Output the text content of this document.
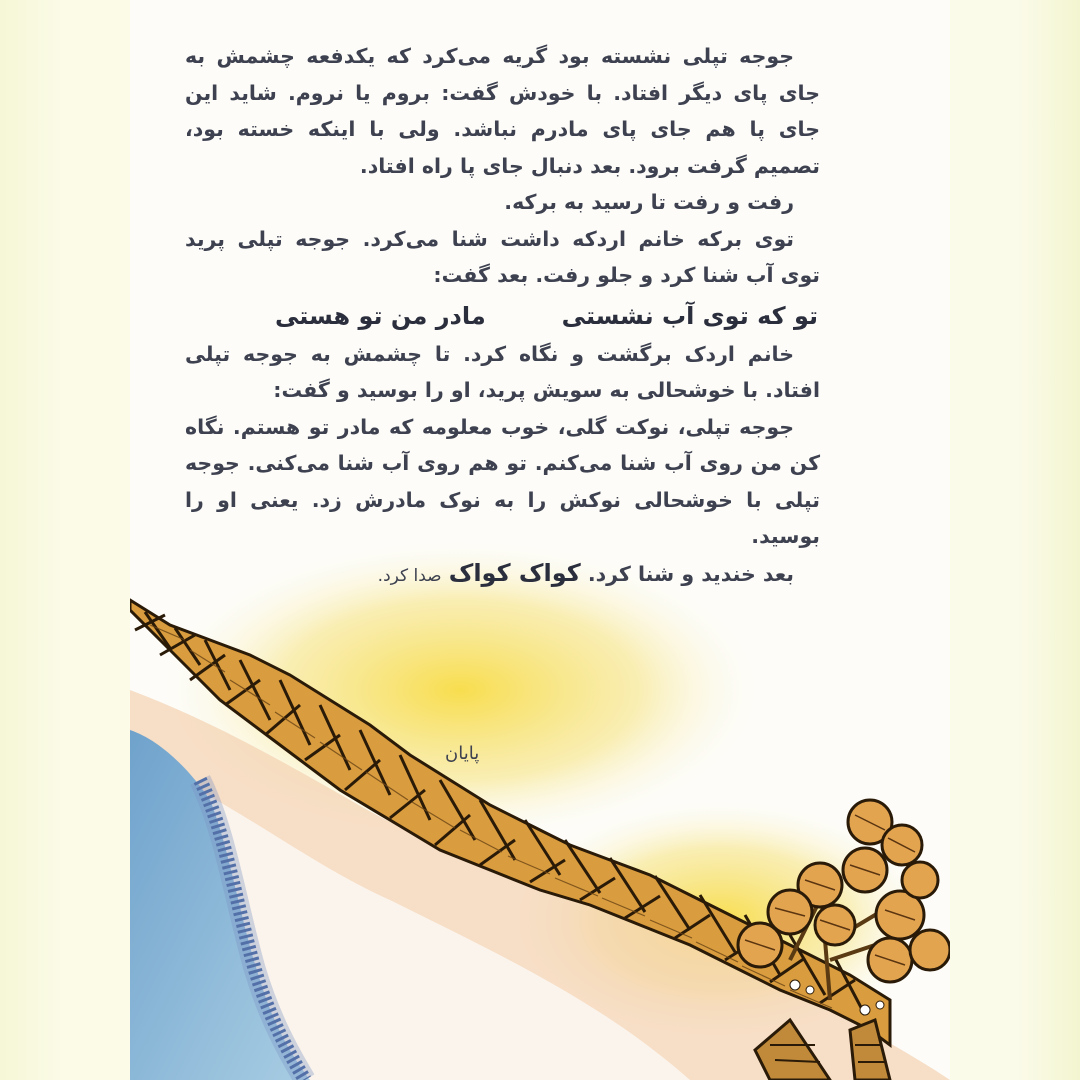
جوجه تپلی نشسته بود گریه می‌کرد که یکدفعه چشمش به
جای پای دیگر افتاد. با خودش گفت: بروم یا نروم. شاید این
جای پا هم جای پای مادرم نباشد. ولی با اینکه خسته بود،
تصمیم گرفت برود. بعد دنبال جای پا راه افتاد.
رفت و رفت تا رسید به برکه.
توی برکه خانم اردکه داشت شنا می‌کرد. جوجه تپلی پرید
توی آب شنا کرد و جلو رفت. بعد گفت:
تو که توی آب نشستی
مادر من تو هستی
خانم اردک برگشت و نگاه کرد. تا چشمش به جوجه تپلی
افتاد. با خوشحالی به سویش پرید، او را بوسید و گفت:
جوجه تپلی، نوکت گلی، خوب معلومه که مادر تو هستم. نگاه
کن من روی آب شنا می‌کنم. تو هم روی آب شنا می‌کنی. جوجه
تپلی با خوشحالی نوکش را به نوک مادرش زد. یعنی او را
بوسید.
بعد خندید و شنا کرد. کواک کواک صدا کرد.
پایان
